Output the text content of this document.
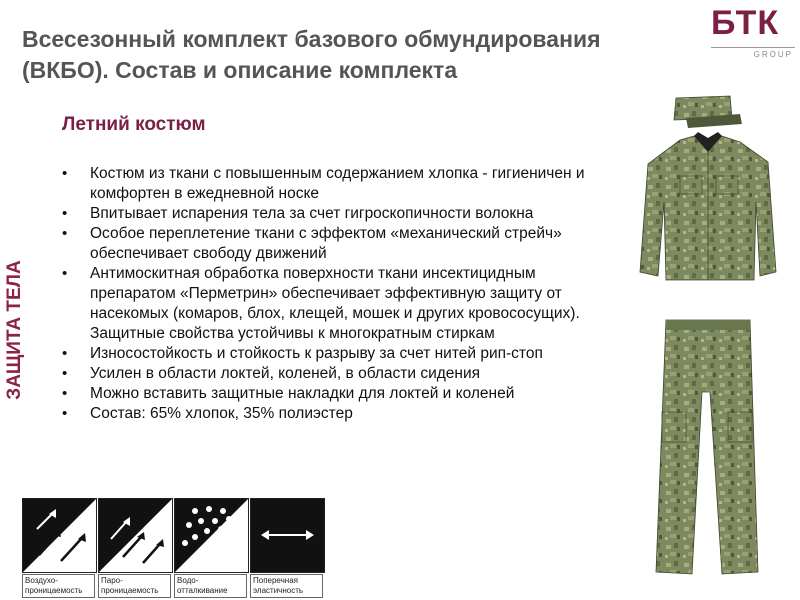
Всесезонный комплект базового обмундирования (ВКБО). Состав и описание комплекта
БТК
GROUP
ЗАЩИТА ТЕЛА
Летний костюм
• Костюм из ткани с повышенным содержанием хлопка - гигиеничен и комфортен в ежедневной носке
• Впитывает испарения тела за счет гигроскопичности волокна
• Особое переплетение ткани с эффектом «механический стрейч» обеспечивает свободу движений
• Антимоскитная обработка поверхности ткани инсектицидным препаратом «Перметрин» обеспечивает эффективную защиту от насекомых (комаров, блох, клещей, мошек и других кровососущих). Защитные свойства устойчивы к многократным стиркам
• Износостойкость и стойкость к разрыву за счет нитей рип-стоп
• Усилен в области локтей, коленей, в области сидения
• Можно вставить защитные накладки для локтей и коленей
• Состав: 65% хлопок, 35% полиэстер
Воздухо-проницаемость
Паро-проницаемость
Водо-отталкивание
Поперечная эластичность
